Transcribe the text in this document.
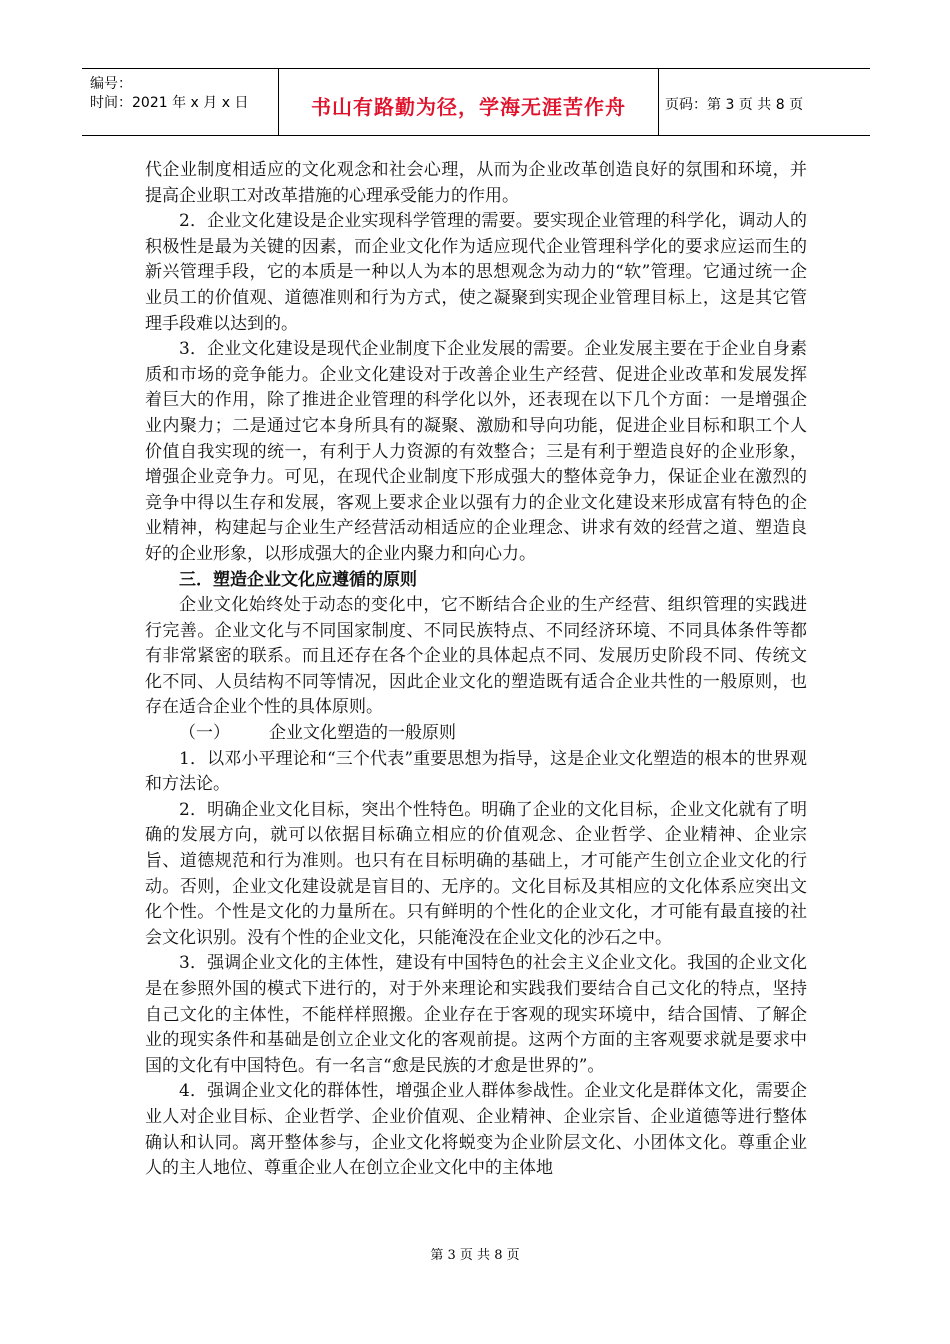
编号：
时间：2021 年 x 月 x 日	书山有路勤为径，学海无涯苦作舟	页码：第 3 页 共 8 页

代企业制度相适应的文化观念和社会心理，从而为企业改革创造良好的氛围和环境，并提高企业职工对改革措施的心理承受能力的作用。

2．企业文化建设是企业实现科学管理的需要。要实现企业管理的科学化，调动人的积极性是最为关键的因素，而企业文化作为适应现代企业管理科学化的要求应运而生的新兴管理手段，它的本质是一种以人为本的思想观念为动力的“软”管理。它通过统一企业员工的价值观、道德准则和行为方式，使之凝聚到实现企业管理目标上，这是其它管理手段难以达到的。

3．企业文化建设是现代企业制度下企业发展的需要。企业发展主要在于企业自身素质和市场的竞争能力。企业文化建设对于改善企业生产经营、促进企业改革和发展发挥着巨大的作用，除了推进企业管理的科学化以外，还表现在以下几个方面：一是增强企业内聚力；二是通过它本身所具有的凝聚、激励和导向功能，促进企业目标和职工个人价值自我实现的统一，有利于人力资源的有效整合；三是有利于塑造良好的企业形象，增强企业竞争力。可见，在现代企业制度下形成强大的整体竞争力，保证企业在激烈的竞争中得以生存和发展，客观上要求企业以强有力的企业文化建设来形成富有特色的企业精神，构建起与企业生产经营活动相适应的企业理念、讲求有效的经营之道、塑造良好的企业形象，以形成强大的企业内聚力和向心力。

三．塑造企业文化应遵循的原则

企业文化始终处于动态的变化中，它不断结合企业的生产经营、组织管理的实践进行完善。企业文化与不同国家制度、不同民族特点、不同经济环境、不同具体条件等都有非常紧密的联系。而且还存在各个企业的具体起点不同、发展历史阶段不同、传统文化不同、人员结构不同等情况，因此企业文化的塑造既有适合企业共性的一般原则，也存在适合企业个性的具体原则。

（一） 企业文化塑造的一般原则

1．以邓小平理论和“三个代表”重要思想为指导，这是企业文化塑造的根本的世界观和方法论。

2．明确企业文化目标，突出个性特色。明确了企业的文化目标，企业文化就有了明确的发展方向，就可以依据目标确立相应的价值观念、企业哲学、企业精神、企业宗旨、道德规范和行为准则。也只有在目标明确的基础上，才可能产生创立企业文化的行动。否则，企业文化建设就是盲目的、无序的。文化目标及其相应的文化体系应突出文化个性。个性是文化的力量所在。只有鲜明的个性化的企业文化，才可能有最直接的社会文化识别。没有个性的企业文化，只能淹没在企业文化的沙石之中。

3．强调企业文化的主体性，建设有中国特色的社会主义企业文化。我国的企业文化是在参照外国的模式下进行的，对于外来理论和实践我们要结合自己文化的特点，坚持自己文化的主体性，不能样样照搬。企业存在于客观的现实环境中，结合国情、了解企业的现实条件和基础是创立企业文化的客观前提。这两个方面的主客观要求就是要求中国的文化有中国特色。有一名言“愈是民族的才愈是世界的”。

4．强调企业文化的群体性，增强企业人群体参战性。企业文化是群体文化，需要企业人对企业目标、企业哲学、企业价值观、企业精神、企业宗旨、企业道德等进行整体确认和认同。离开整体参与，企业文化将蜕变为企业阶层文化、小团体文化。尊重企业人的主人地位、尊重企业人在创立企业文化中的主体地

第 3 页 共 8 页
